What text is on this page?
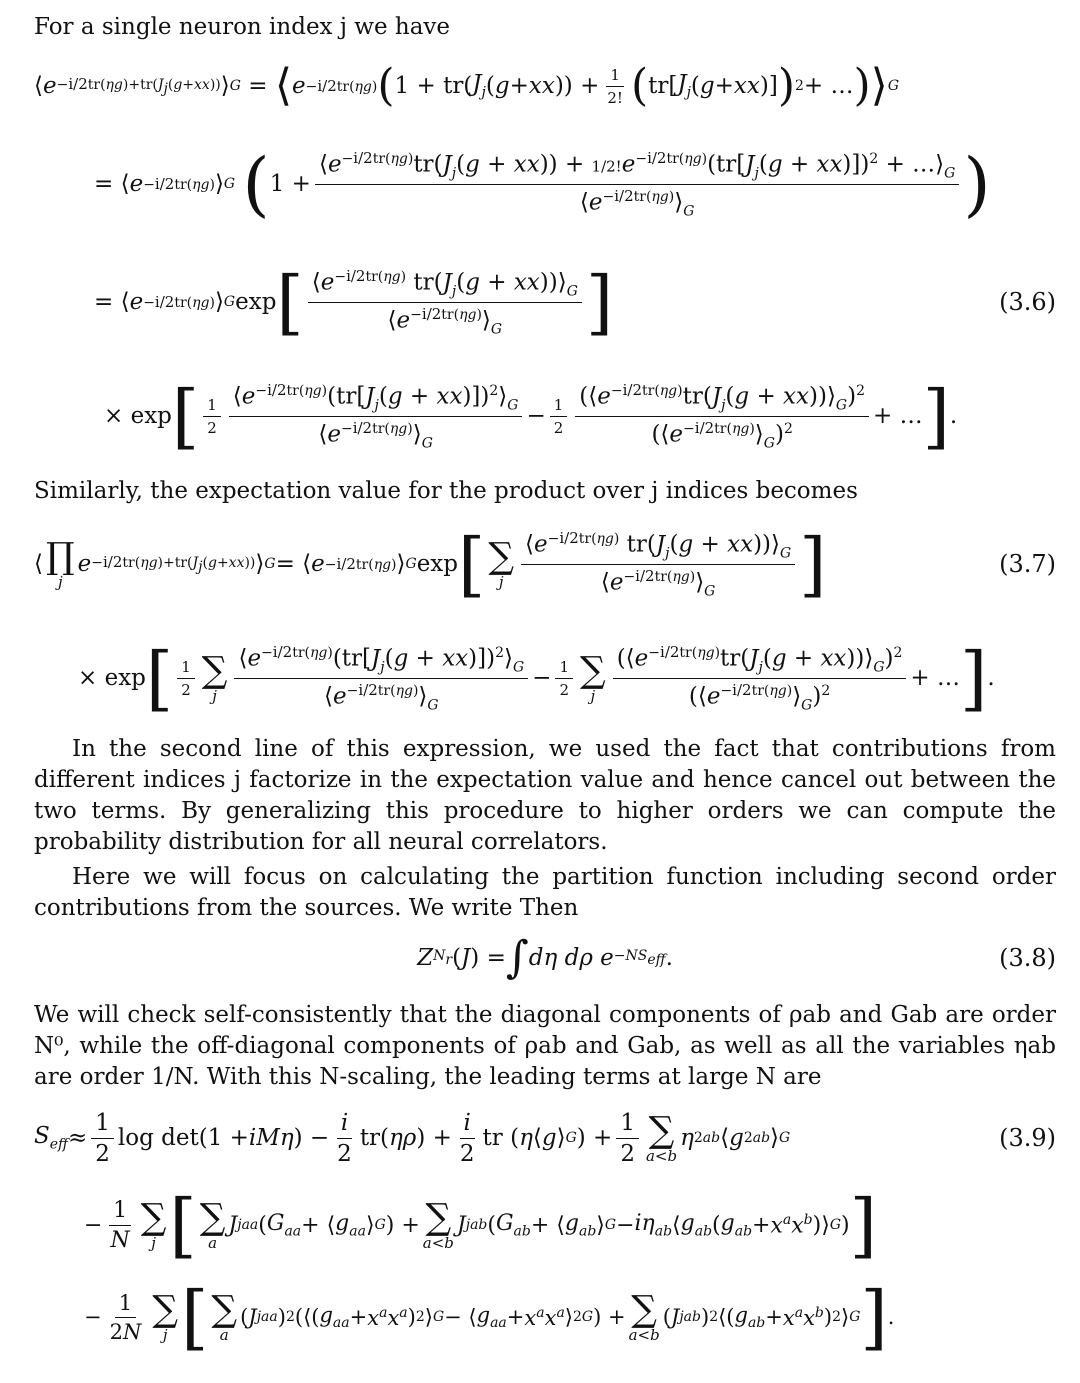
For a single neuron index j we have
⟨ $e -i/2tr(\eta g)+tr(J_j(g+xx))$ ⟩ G = ⟨ e −i/2tr(ηg) ( 1 + tr( $J_j$ ( g + xx )) + $\frac{1}{2!}$ ( tr[ $J_j$ ( g + xx )] ) 2 + … ) ⟩ G
= ⟨ e −i/2tr(ηg) ⟩ G
( 1 +
$⟨e^{-i/2tr(\eta g)}tr(J_j(g + xx)) + 1/2!e^{-i/2tr(\eta g)}(tr[J_j(g + xx)])^2$ + $\dots⟩_G$
$⟨e^{-i/2tr(\eta g)}⟩_G$	)
= ⟨ e −i/2tr(ηg) ⟩ G exp [ $\frac{⟨e^{-i/2tr(\eta g)} tr(J_j(g + xx))⟩_G}{⟨e^{-i/2tr(\eta g)}⟩_G}$ ]	(3.6)
× exp [ $\frac{1}{2} \frac{⟨e^{-i/2tr(\eta g)}(tr[J_j(g + xx)])^2⟩_G}{⟨e^{-i/2tr(\eta g)}⟩_G} - \frac{1}{2} \frac{(⟨e^{-i/2tr(\eta g)}tr(J_j(g + xx))⟩_G)^2}{(⟨e^{-i/2tr(\eta g)}⟩_G)^2}$ + … ] .
Similarly, the expectation value for the product over j indices becomes
⟨ ∏
j
$e -i/2tr(\eta g)+tr(J_j(g+xx))$ ⟩ G = ⟨ e −i/2tr(ηg) ⟩ G exp [ ∑
j $\frac{⟨e^{-i/2tr(\eta g)} tr(J_j(g + xx))⟩_G}{⟨e^{-i/2tr(\eta g)}⟩_G}$ ]	(3.7)
× exp [ $\frac{1}{2}$ ∑
j $\frac{⟨e^{-i/2tr(\eta g)}(tr[J_j(g + xx)])^2⟩_G}{⟨e^{-i/2tr(\eta g)}⟩_G} - \frac{1}{2}$ ∑
j $\frac{(⟨e^{-i/2tr(\eta g)}tr(J_j(g + xx))⟩_G)^2}{(⟨e^{-i/2tr(\eta g)}⟩_G)^2}$ + … ] .
In the second line of this expression, we used the fact that contributions from different indices j factorize in the expectation value and hence cancel out between the two terms. By generalizing this procedure to higher orders we can compute the probability distribution for all neural correlators.
Here we will focus on calculating the partition function including second order contributions from the sources. We write Then
Z $N_r$ ( J ) = ∫ dη dρ $e -NS_{eff}$ .	(3.8)
We will check self-consistently that the diagonal components of ρab and Gab are order N⁰, while the off-diagonal components of ρab and Gab, as well as all the variables ηab are order 1/N. With this N-scaling, the leading terms at large N are
$S_{eff} \approx \frac{1}{2}$ log det(1 + iMη ) − $\frac{i}{2} tr$( ηρ ) + $\frac{i}{2}$ tr ( η ⟨ g ⟩ G ) + $\frac{1}{2}$ ∑
a<b
η 2 ab ⟨ g 2 ab ⟩ G	(3.9)
− $\frac{1}{N}$ ∑
j [ ∑
a
J j aa ( $G_{aa}$ + ⟨ $g_{aa}$ ⟩ G ) + ∑
a<b
J j ab ( $G_{ab}$ + ⟨ $g_{ab}$ ⟩ $G - i\eta_{ab}$ ⟨ $g_{ab}$ ( $g_{ab} + x^ax^b$ )⟩ G ) ]
− $\frac{1}{2N}$ ∑
j [ ∑
a
( J j aa ) 2 (⟨( $g_{aa} + x^ax^a$ ) 2 ⟩ G − ⟨ $g_{aa} + x^ax^a$ ⟩ 2 G ) + ∑
a<b
( J j ab ) 2 ⟨( $g_{ab} + x^ax^b$ ) 2 ⟩ G ] .
